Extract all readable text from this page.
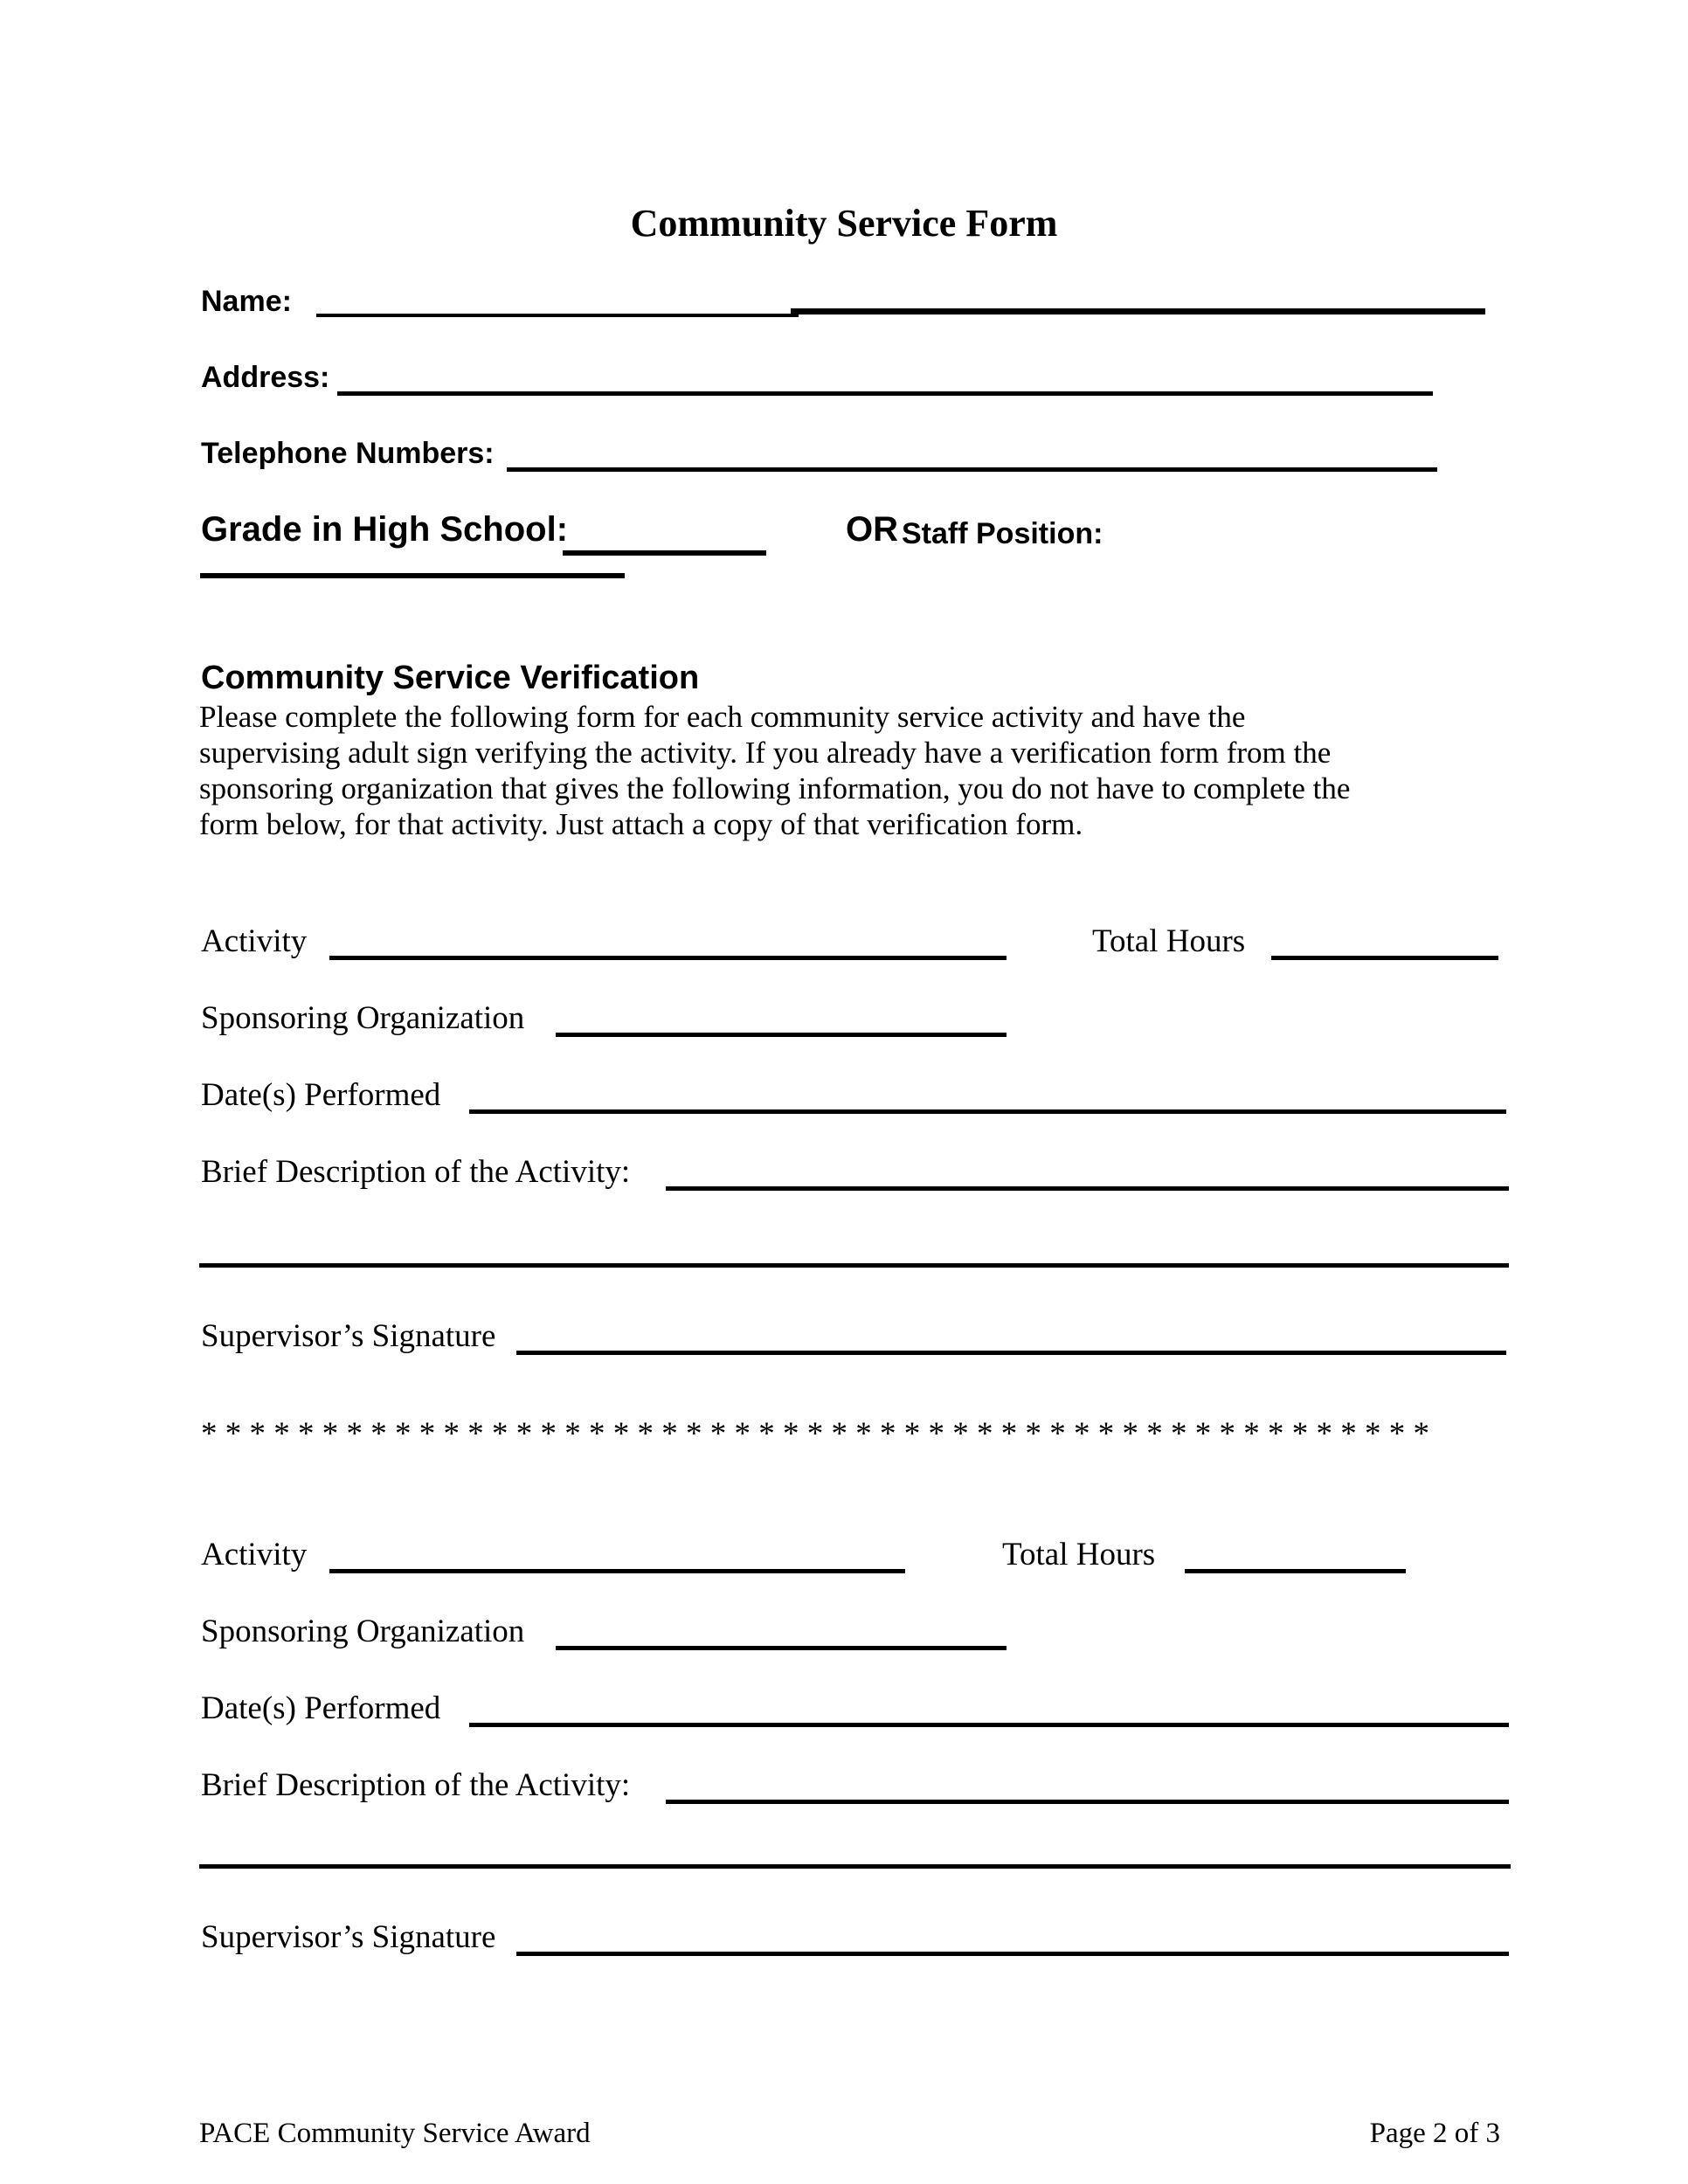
Community Service Form
Name:
Address:
Telephone Numbers:
Grade in High School:	OR Staff Position:
Community Service Verification
Please complete the following form for each community service activity and have the
supervising adult sign verifying the activity. If you already have a verification form from the
sponsoring organization that gives the following information, you do not have to complete the
form below, for that activity. Just attach a copy of that verification form.
Activity	Total Hours
Sponsoring Organization
Date(s) Performed
Brief Description of the Activity:
Supervisor’s Signature
* * * * * * * * * * * * * * * * * * * * * * * * * * * * * * * * * * * * * * * * * * * * * * * * * * *
Activity	Total Hours
Sponsoring Organization
Date(s) Performed
Brief Description of the Activity:
Supervisor’s Signature
PACE Community Service Award	Page 2 of 3
